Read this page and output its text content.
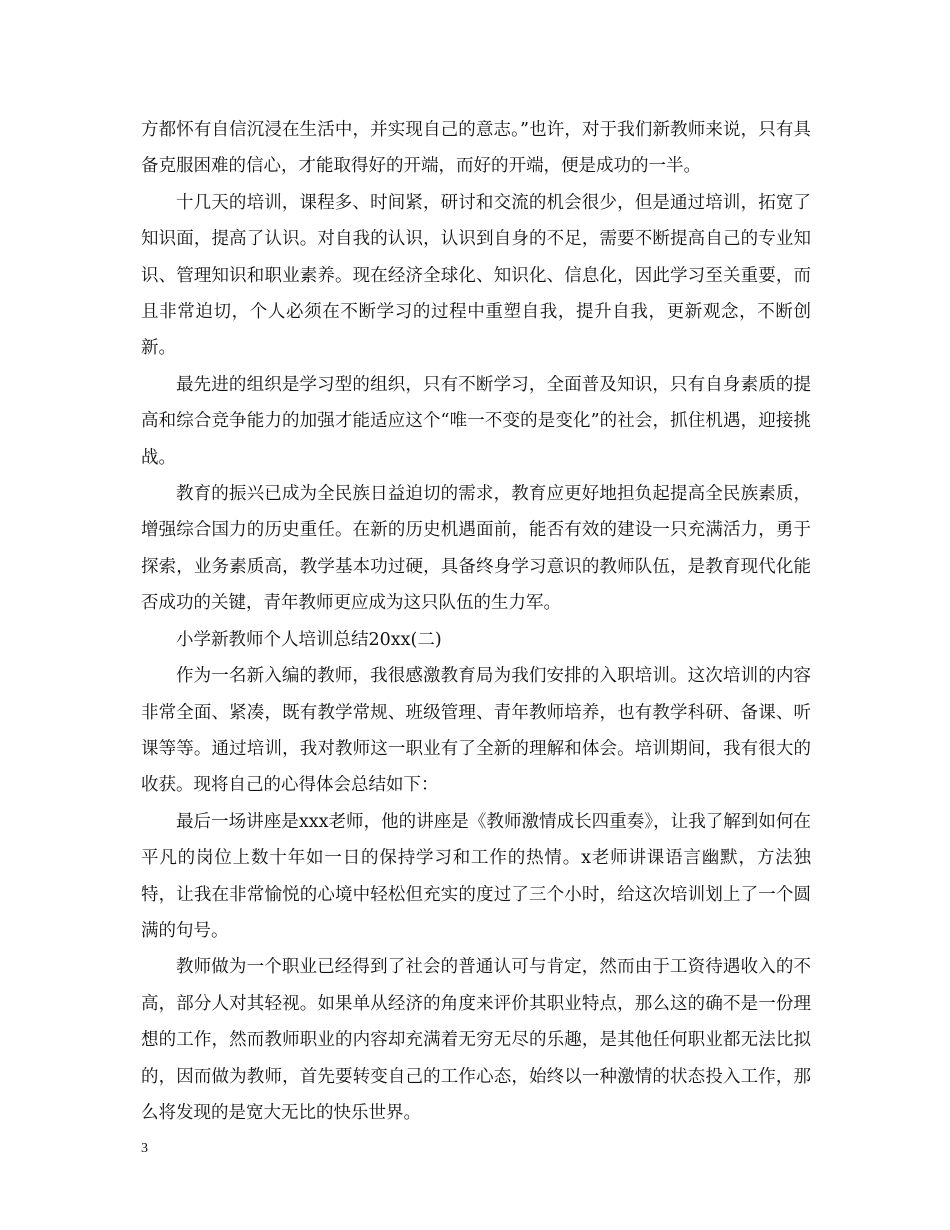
方都怀有自信沉浸在生活中，并实现自己的意志。”也许，对于我们新教师来说，只有具备克服困难的信心，才能取得好的开端，而好的开端，便是成功的一半。

十几天的培训，课程多、时间紧，研讨和交流的机会很少，但是通过培训，拓宽了知识面，提高了认识。对自我的认识，认识到自身的不足，需要不断提高自己的专业知识、管理知识和职业素养。现在经济全球化、知识化、信息化，因此学习至关重要，而且非常迫切，个人必须在不断学习的过程中重塑自我，提升自我，更新观念，不断创新。

最先进的组织是学习型的组织，只有不断学习，全面普及知识，只有自身素质的提高和综合竞争能力的加强才能适应这个“唯一不变的是变化”的社会，抓住机遇，迎接挑战。

教育的振兴已成为全民族日益迫切的需求，教育应更好地担负起提高全民族素质，增强综合国力的历史重任。在新的历史机遇面前，能否有效的建设一只充满活力，勇于探索，业务素质高，教学基本功过硬，具备终身学习意识的教师队伍，是教育现代化能否成功的关键，青年教师更应成为这只队伍的生力军。

小学新教师个人培训总结20xx(二)

作为一名新入编的教师，我很感激教育局为我们安排的入职培训。这次培训的内容非常全面、紧凑，既有教学常规、班级管理、青年教师培养，也有教学科研、备课、听课等等。通过培训，我对教师这一职业有了全新的理解和体会。培训期间，我有很大的收获。现将自己的心得体会总结如下：

最后一场讲座是xxx老师，他的讲座是《教师激情成长四重奏》，让我了解到如何在平凡的岗位上数十年如一日的保持学习和工作的热情。x老师讲课语言幽默，方法独特，让我在非常愉悦的心境中轻松但充实的度过了三个小时，给这次培训划上了一个圆满的句号。

教师做为一个职业已经得到了社会的普通认可与肯定，然而由于工资待遇收入的不高，部分人对其轻视。如果单从经济的角度来评价其职业特点，那么这的确不是一份理想的工作，然而教师职业的内容却充满着无穷无尽的乐趣，是其他任何职业都无法比拟的，因而做为教师，首先要转变自己的工作心态，始终以一种激情的状态投入工作，那么将发现的是宽大无比的快乐世界。

3
